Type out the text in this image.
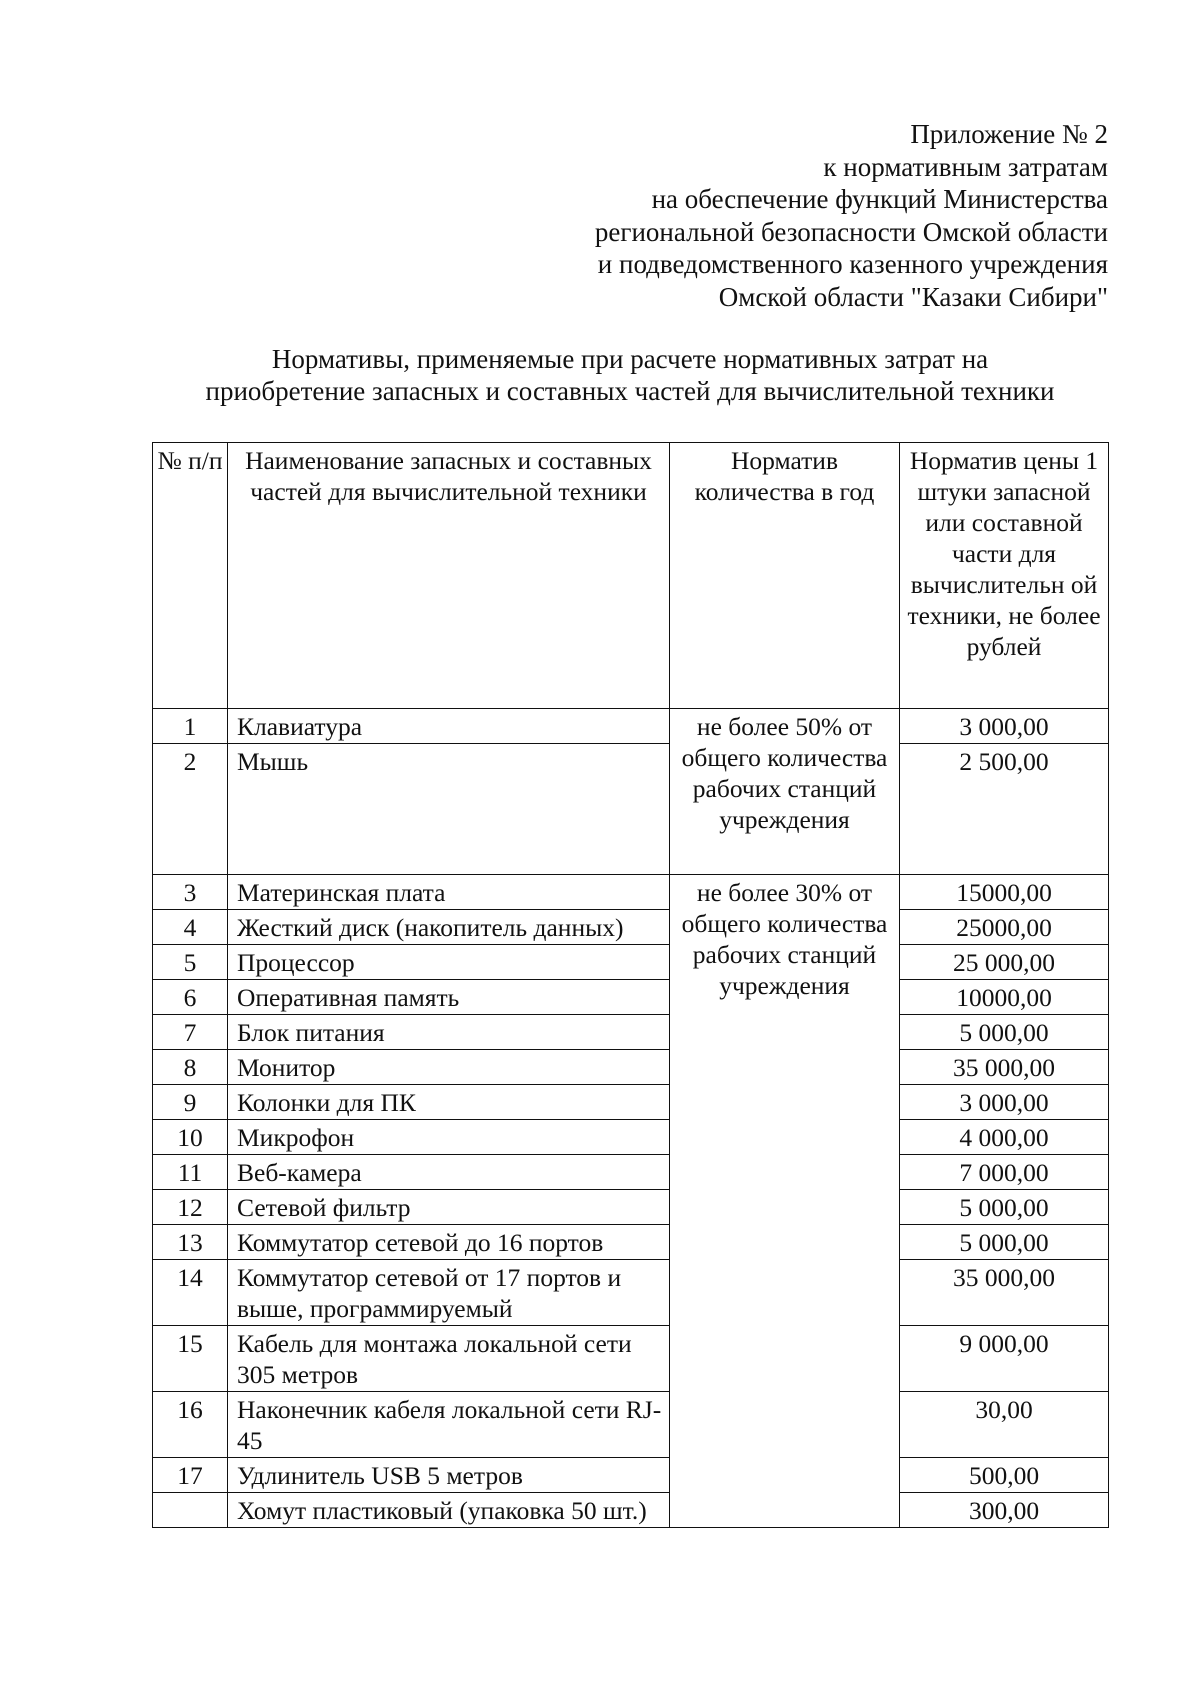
Приложение № 2
к нормативным затратам
на обеспечение функций Министерства
региональной безопасности Омской области
и подведомственного казенного учреждения
Омской области "Казаки Сибири"
Нормативы, применяемые при расчете нормативных затрат на
приобретение запасных и составных частей для вычислительной техники
№ п/п	Наименование запасных и составных частей для вычислительной техники	Норматив количества в год	Норматив цены 1 штуки запасной или составной части для вычислительн ой техники, не более рублей
1	Клавиатура	не более 50% от общего количества рабочих станций учреждения	3 000,00
2	Мышь		2 500,00
3	Материнская плата	не более 30% от общего количества рабочих станций учреждения	15000,00
4	Жесткий диск (накопитель данных)		25000,00
5	Процессор		25 000,00
6	Оперативная память		10000,00
7	Блок питания		5 000,00
8	Монитор		35 000,00
9	Колонки для ПК		3 000,00
10	Микрофон		4 000,00
11	Веб-камера		7 000,00
12	Сетевой фильтр		5 000,00
13	Коммутатор сетевой до 16 портов		5 000,00
14	Коммутатор сетевой от 17 портов и выше, программируемый		35 000,00
15	Кабель для монтажа локальной сети 305 метров		9 000,00
16	Наконечник кабеля локальной сети RJ-45		30,00
17	Удлинитель USB 5 метров		500,00
	Хомут пластиковый (упаковка 50 шт.)		300,00
